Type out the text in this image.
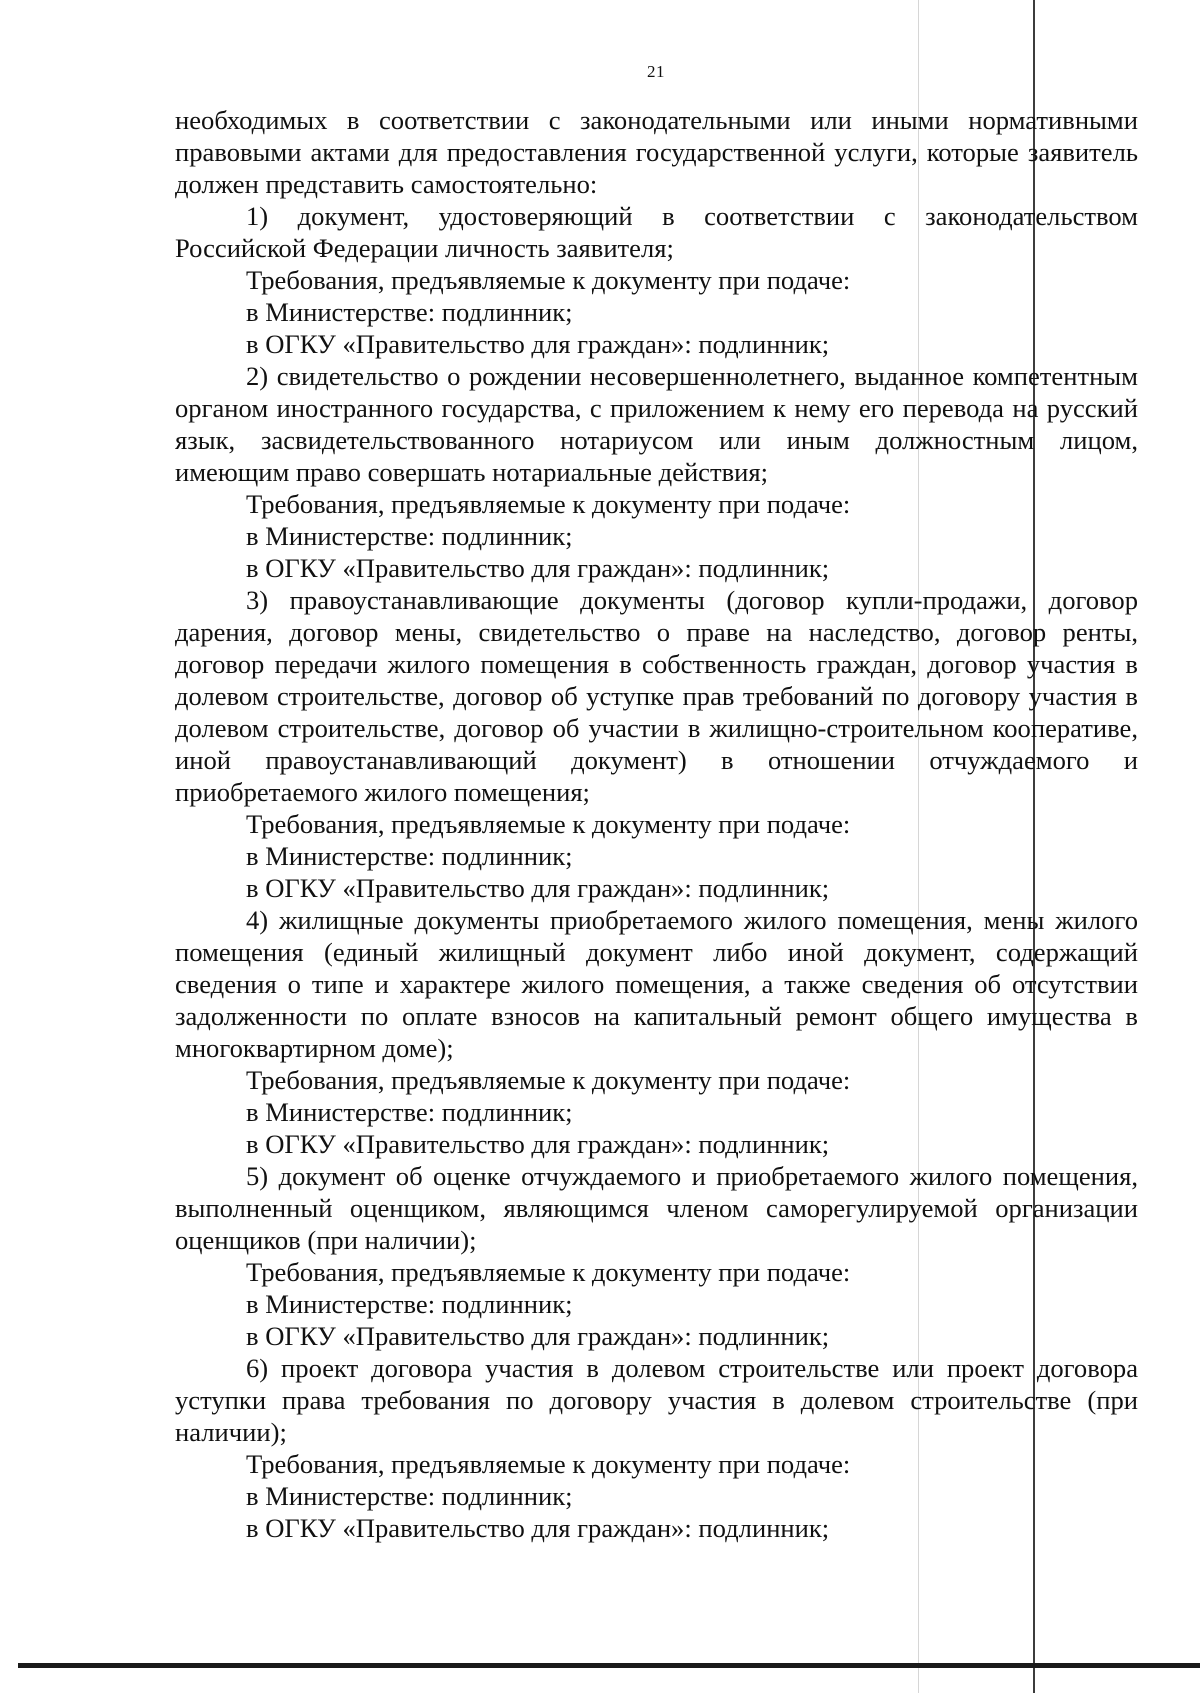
21

необходимых в соответствии с законодательными или иными нормативными правовыми актами для предоставления государственной услуги, которые заявитель должен представить самостоятельно:

1) документ, удостоверяющий в соответствии с законодательством Российской Федерации личность заявителя;

Требования, предъявляемые к документу при подаче:

в Министерстве: подлинник;

в ОГКУ «Правительство для граждан»: подлинник;

2) свидетельство о рождении несовершеннолетнего, выданное компетентным органом иностранного государства, с приложением к нему его перевода на русский язык, засвидетельствованного нотариусом или иным должностным лицом, имеющим право совершать нотариальные действия;

Требования, предъявляемые к документу при подаче:

в Министерстве: подлинник;

в ОГКУ «Правительство для граждан»: подлинник;

3) правоустанавливающие документы (договор купли-продажи, договор дарения, договор мены, свидетельство о праве на наследство, договор ренты, договор передачи жилого помещения в собственность граждан, договор участия в долевом строительстве, договор об уступке прав требований по договору участия в долевом строительстве, договор об участии в жилищно-строительном кооперативе, иной правоустанавливающий документ) в отношении отчуждаемого и приобретаемого жилого помещения;

Требования, предъявляемые к документу при подаче:

в Министерстве: подлинник;

в ОГКУ «Правительство для граждан»: подлинник;

4) жилищные документы приобретаемого жилого помещения, мены жилого помещения (единый жилищный документ либо иной документ, содержащий сведения о типе и характере жилого помещения, а также сведения об отсутствии задолженности по оплате взносов на капитальный ремонт общего имущества в многоквартирном доме);

Требования, предъявляемые к документу при подаче:

в Министерстве: подлинник;

в ОГКУ «Правительство для граждан»: подлинник;

5) документ об оценке отчуждаемого и приобретаемого жилого помещения, выполненный оценщиком, являющимся членом саморегулируемой организации оценщиков (при наличии);

Требования, предъявляемые к документу при подаче:

в Министерстве: подлинник;

в ОГКУ «Правительство для граждан»: подлинник;

6) проект договора участия в долевом строительстве или проект договора уступки права требования по договору участия в долевом строительстве (при наличии);

Требования, предъявляемые к документу при подаче:

в Министерстве: подлинник;

в ОГКУ «Правительство для граждан»: подлинник;
